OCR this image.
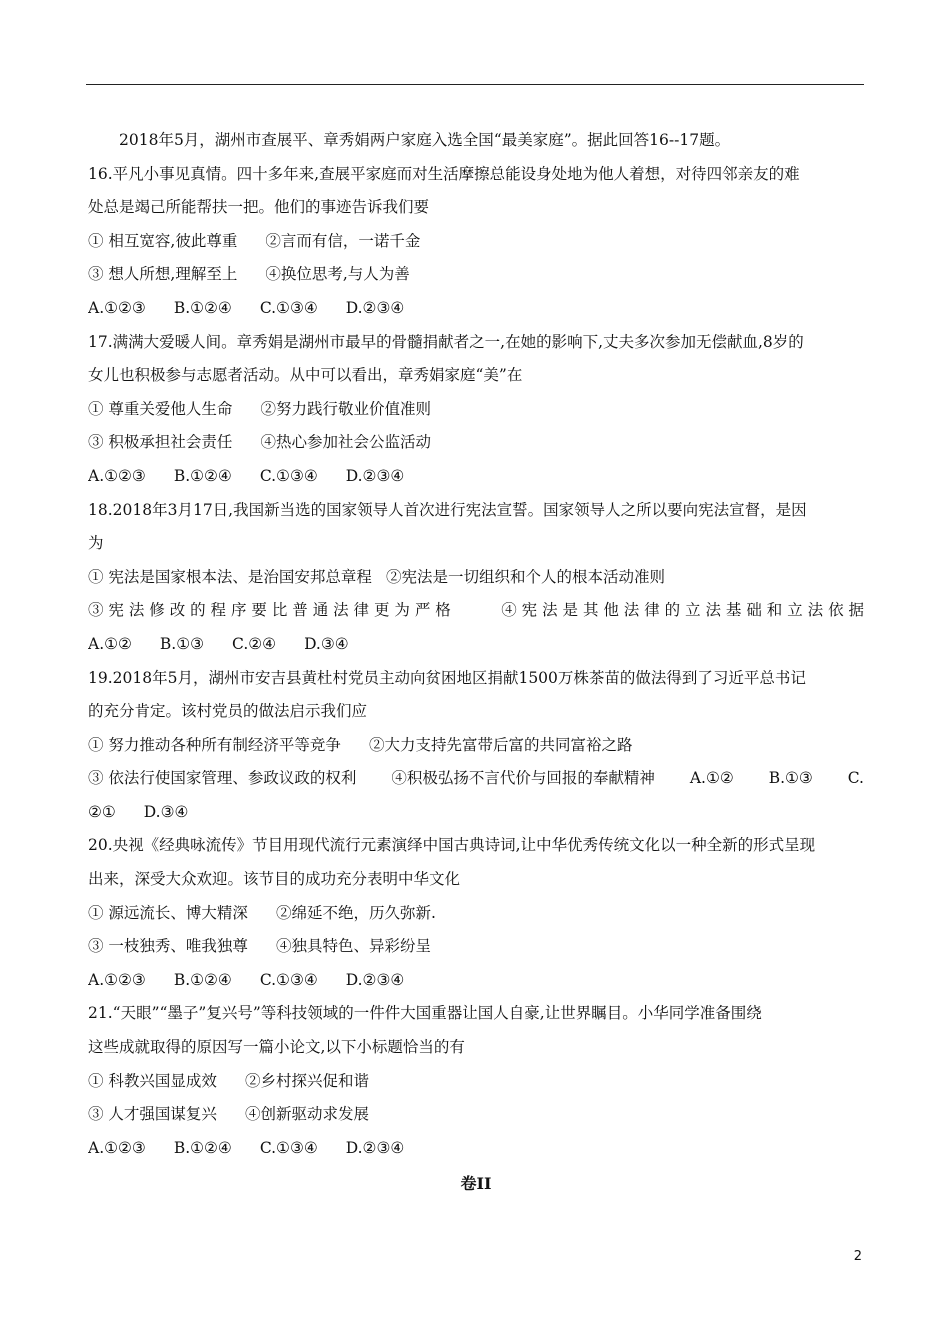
2018年5月，湖州市查展平、章秀娟两户家庭入选全国“最美家庭”。据此回答16--17题。
16.平凡小事见真情。四十多年来,查展平家庭而对生活摩擦总能设身处地为他人着想，对待四邻亲友的难
处总是竭己所能帮扶一把。他们的事迹告诉我们要
① 相互宽容,彼此尊重 ②言而有信，一诺千金
③ 想人所想,理解至上 ④换位思考,与人为善
A.①②③ B.①②④ C.①③④ D.②③④
17.满满大爱暖人间。章秀娟是湖州市最早的骨髓捐献者之一,在她的影响下,丈夫多次参加无偿献血,8岁的
女儿也积极参与志愿者活动。从中可以看出，章秀娟家庭“美”在
① 尊重关爱他人生命 ②努力践行敬业价值准则
③ 积极承担社会责任 ④热心参加社会公监活动
A.①②③ B.①②④ C.①③④ D.②③④
18.2018年3月17日,我国新当选的国家领导人首次进行宪法宣誓。国家领导人之所以要向宪法宣督，是因
为
① 宪法是国家根本法、是治国安邦总章程 ②宪法是一切组织和个人的根本活动准则
③ 宪 法 修 改 的 程 序 要 比 普 通 法 律 更 为 严 格	④ 宪 法 是 其 他 法 律 的 立 法 基 础 和 立 法 依 据
A.①② B.①③ C.②④ D.③④
19.2018年5月，湖州市安吉县黄杜村党员主动向贫困地区捐献1500万株茶苗的做法得到了习近平总书记
的充分肯定。该村党员的做法启示我们应
① 努力推动各种所有制经济平等竞争 ②大力支持先富带后富的共同富裕之路
③ 依法行使国家管理、参政议政的权利 ④积极弘扬不言代价与回报的奉献精神 A.①② B.①③ C.
②① D.③④
20.央视《经典咏流传》节目用现代流行元素演绎中国古典诗词,让中华优秀传统文化以一种全新的形式呈现
出来，深受大众欢迎。该节目的成功充分表明中华文化
① 源远流长、博大精深 ②绵延不绝，历久弥新.
③ 一枝独秀、唯我独尊 ④独具特色、异彩纷呈
A.①②③ B.①②④ C.①③④ D.②③④
21.“天眼”“墨子”复兴号”等科技领域的一件件大国重器让国人自豪,让世界瞩目。小华同学准备围绕
这些成就取得的原因写一篇小论文,以下小标题恰当的有
① 科教兴国显成效 ②乡村探兴促和谐
③ 人才强国谋复兴 ④创新驱动求发展
A.①②③ B.①②④ C.①③④ D.②③④
卷II
2
